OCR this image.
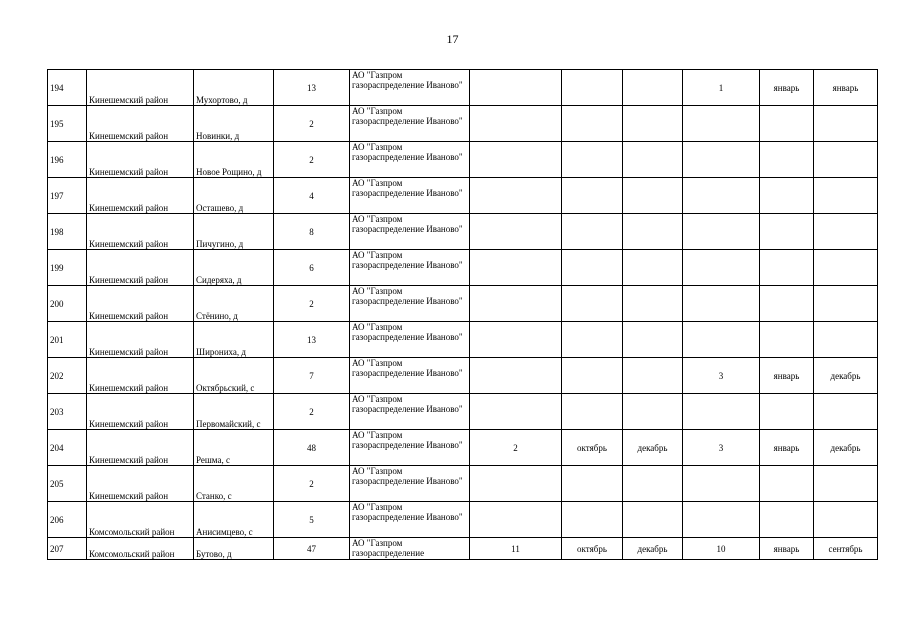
17
194	Кинешемский район	Мухортово, д	13	АО "Газпром газораспределение Иваново"				1	январь	январь
195	Кинешемский район	Новинки, д	2	АО "Газпром газораспределение Иваново"						
196	Кинешемский район	Новое Рощино, д	2	АО "Газпром газораспределение Иваново"						
197	Кинешемский район	Осташево, д	4	АО "Газпром газораспределение Иваново"						
198	Кинешемский район	Пичугино, д	8	АО "Газпром газораспределение Иваново"						
199	Кинешемский район	Сидеряха, д	6	АО "Газпром газораспределение Иваново"						
200	Кинешемский район	Стёнино, д	2	АО "Газпром газораспределение Иваново"						
201	Кинешемский район	Широниха, д	13	АО "Газпром газораспределение Иваново"						
202	Кинешемский район	Октябрьский, с	7	АО "Газпром газораспределение Иваново"				3	январь	декабрь
203	Кинешемский район	Первомайский, с	2	АО "Газпром газораспределение Иваново"						
204	Кинешемский район	Решма, с	48	АО "Газпром газораспределение Иваново"	2	октябрь	декабрь	3	январь	декабрь
205	Кинешемский район	Станко, с	2	АО "Газпром газораспределение Иваново"						
206	Комсомольский район	Анисимцево, с	5	АО "Газпром газораспределение Иваново"						
207	Комсомольский район	Бутово, д	47	АО "Газпром газораспределение	11	октябрь	декабрь	10	январь	сентябрь
